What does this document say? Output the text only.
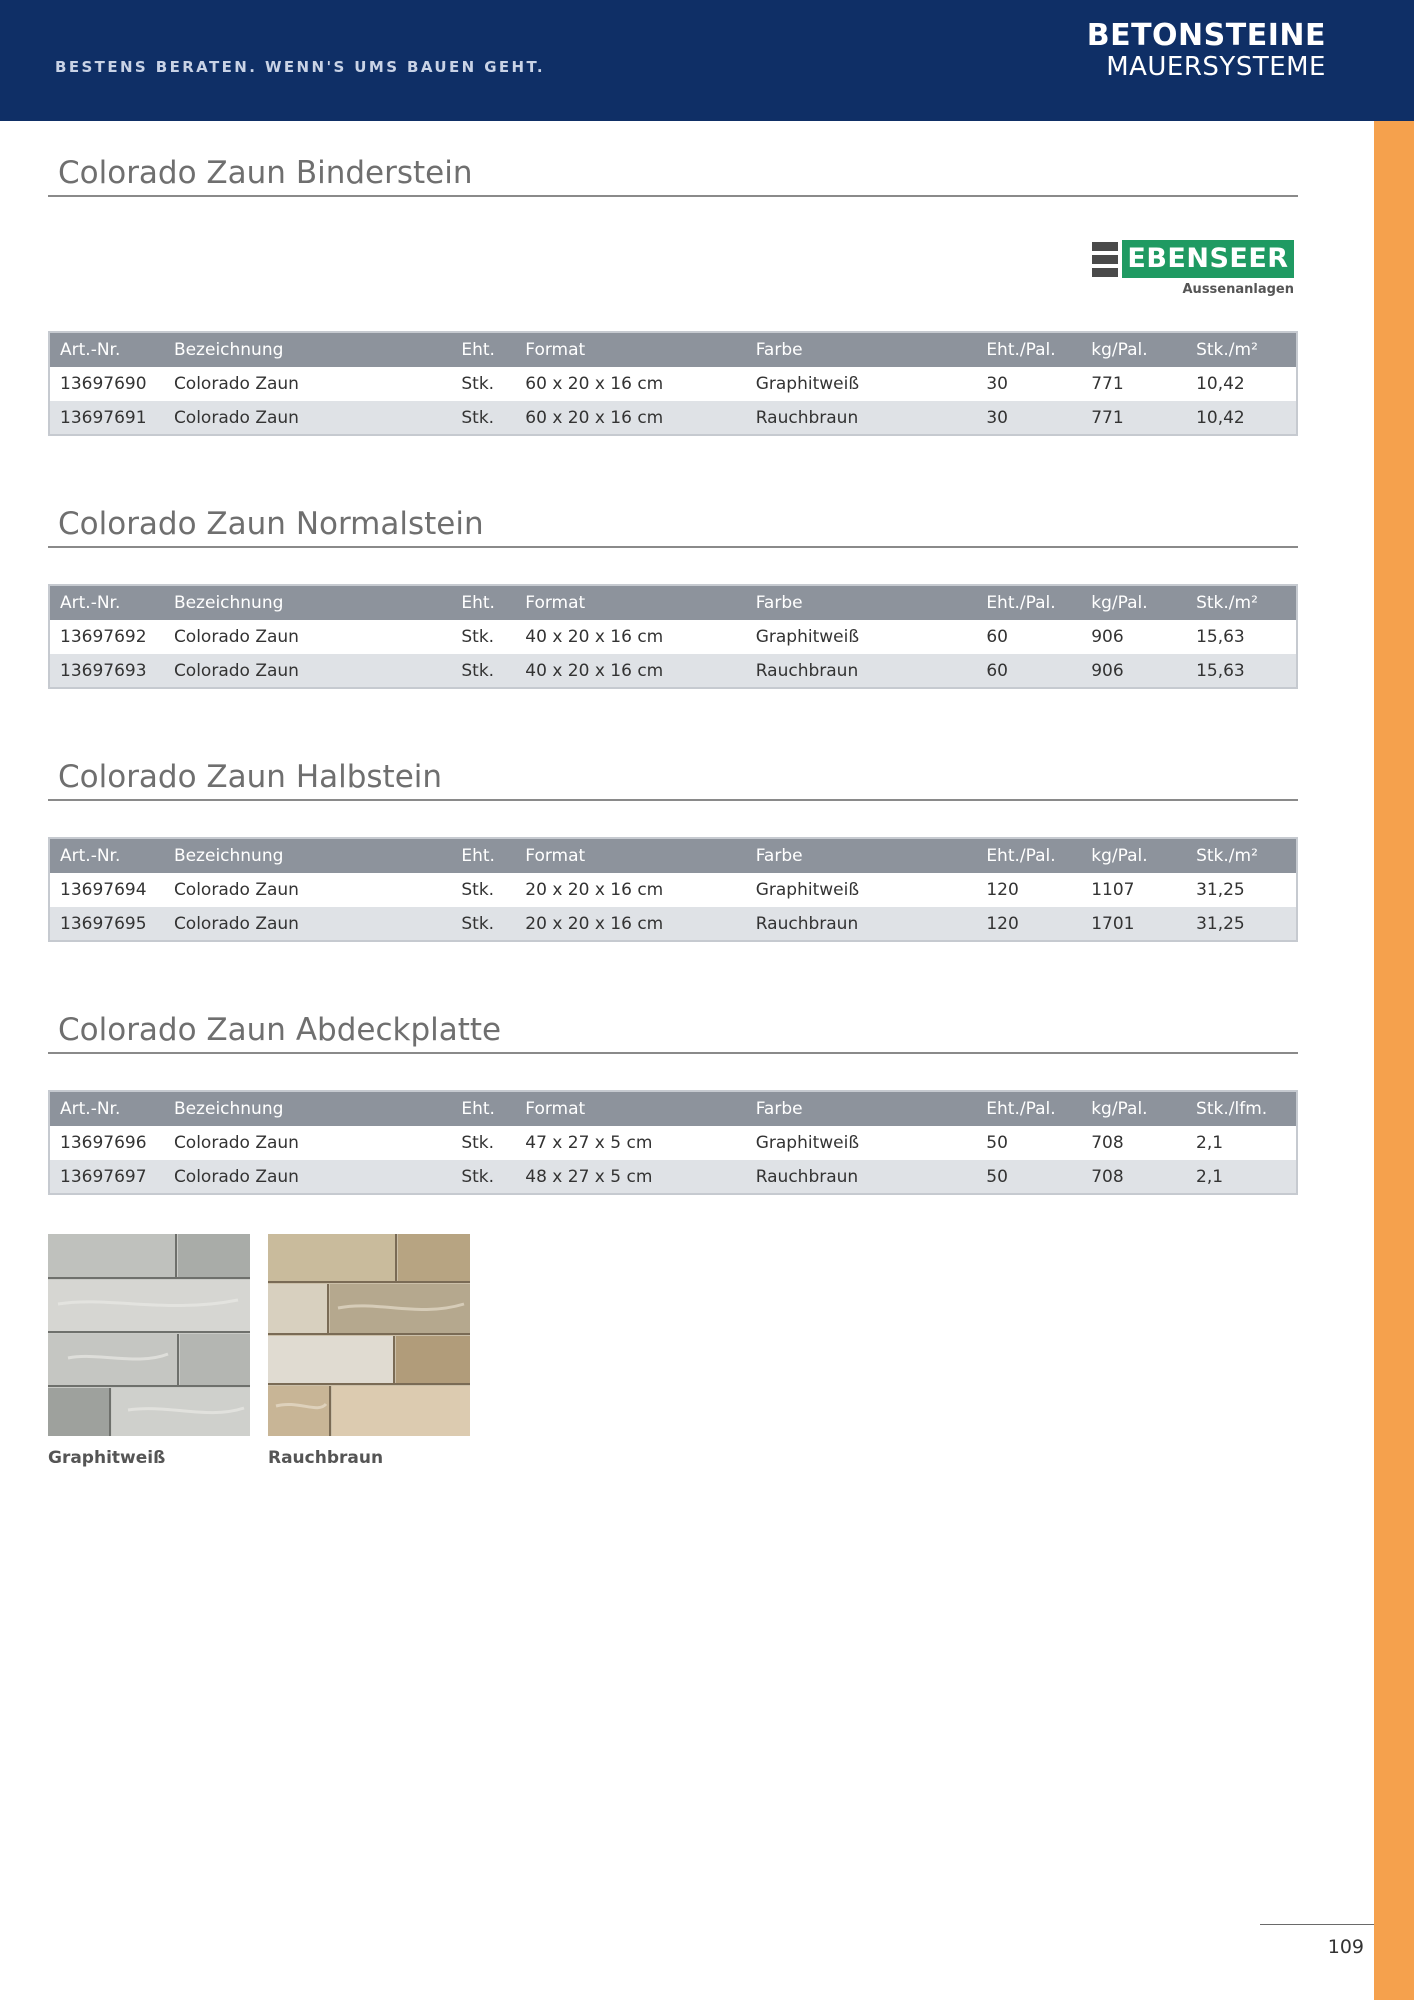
BESTENS BERATEN. WENN'S UMS BAUEN GEHT.
BETONSTEINE
MAUERSYSTEME
Colorado Zaun Binderstein
EBENSEER
Aussenanlagen
Art.-Nr.	Bezeichnung	Eht.	Format	Farbe	Eht./Pal.	kg/Pal.	Stk./m²
13697690	Colorado Zaun	Stk.	60 x 20 x 16 cm	Graphitweiß	30	771	10,42
13697691	Colorado Zaun	Stk.	60 x 20 x 16 cm	Rauchbraun	30	771	10,42
Colorado Zaun Normalstein
Art.-Nr.	Bezeichnung	Eht.	Format	Farbe	Eht./Pal.	kg/Pal.	Stk./m²
13697692	Colorado Zaun	Stk.	40 x 20 x 16 cm	Graphitweiß	60	906	15,63
13697693	Colorado Zaun	Stk.	40 x 20 x 16 cm	Rauchbraun	60	906	15,63
Colorado Zaun Halbstein
Art.-Nr.	Bezeichnung	Eht.	Format	Farbe	Eht./Pal.	kg/Pal.	Stk./m²
13697694	Colorado Zaun	Stk.	20 x 20 x 16 cm	Graphitweiß	120	1107	31,25
13697695	Colorado Zaun	Stk.	20 x 20 x 16 cm	Rauchbraun	120	1701	31,25
Colorado Zaun Abdeckplatte
Art.-Nr.	Bezeichnung	Eht.	Format	Farbe	Eht./Pal.	kg/Pal.	Stk./lfm.
13697696	Colorado Zaun	Stk.	47 x 27 x 5 cm	Graphitweiß	50	708	2,1
13697697	Colorado Zaun	Stk.	48 x 27 x 5 cm	Rauchbraun	50	708	2,1
Graphitweiß	Rauchbraun
109
